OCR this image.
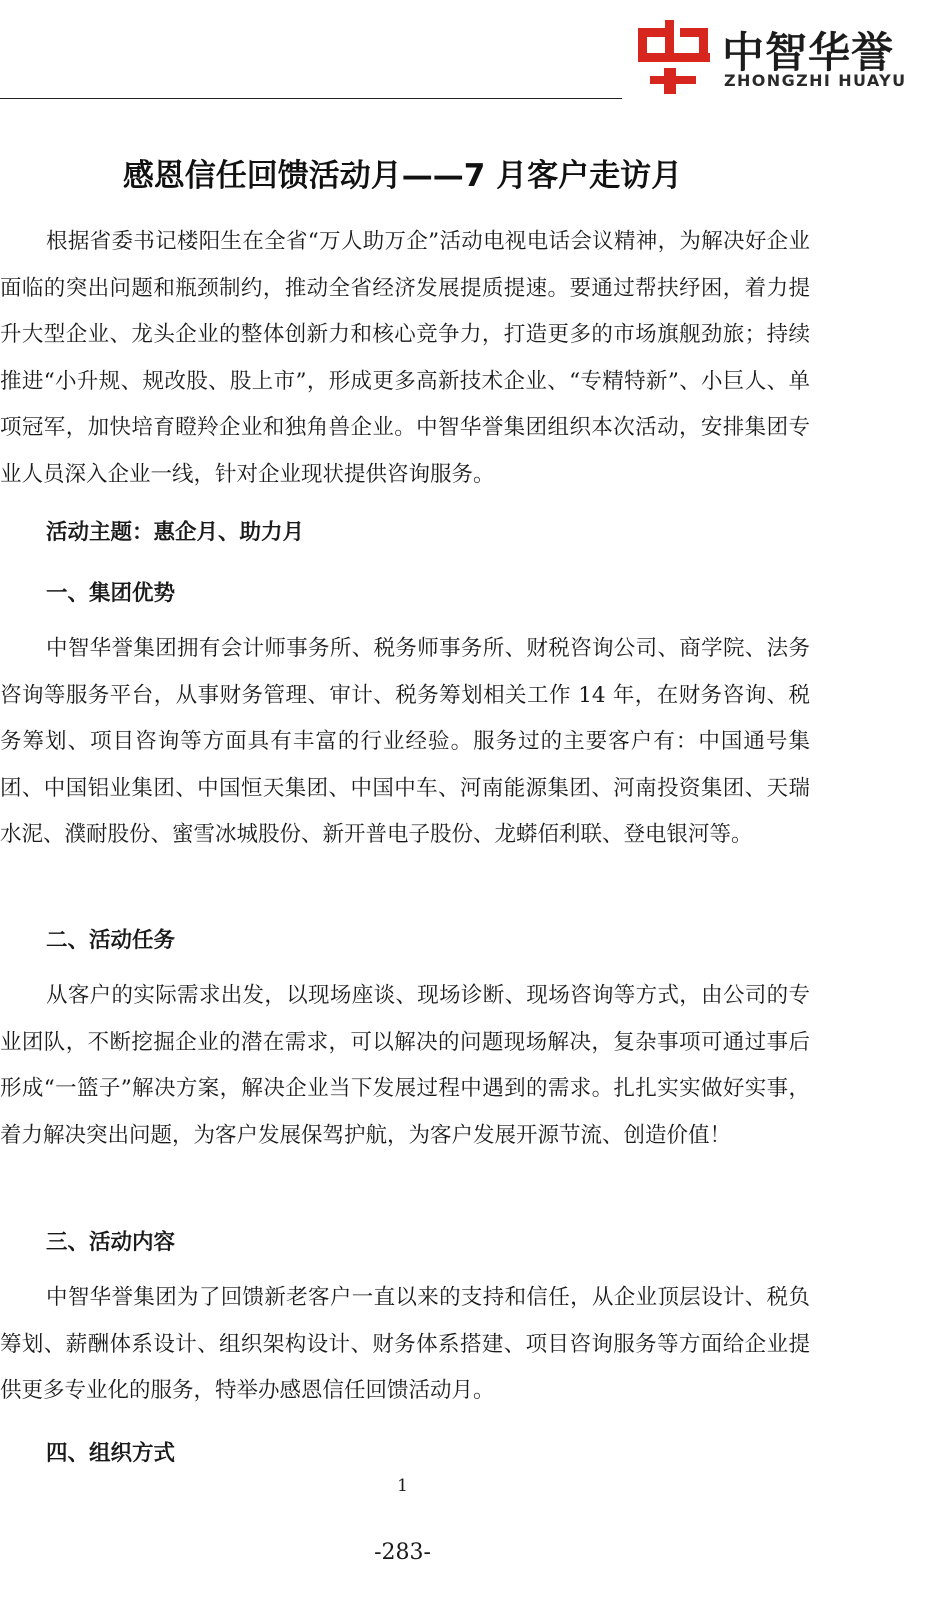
中智华誉
ZHONGZHI HUAYU
感恩信任回馈活动月——7 月客户走访月

根据省委书记楼阳生在全省“万人助万企”活动电视电话会议精神，为解决好企业面临的突出问题和瓶颈制约，推动全省经济发展提质提速。要通过帮扶纾困，着力提升大型企业、龙头企业的整体创新力和核心竞争力，打造更多的市场旗舰劲旅；持续推进“小升规、规改股、股上市”，形成更多高新技术企业、“专精特新”、小巨人、单项冠军，加快培育瞪羚企业和独角兽企业。中智华誉集团组织本次活动，安排集团专业人员深入企业一线，针对企业现状提供咨询服务。

活动主题：惠企月、助力月

一、集团优势

中智华誉集团拥有会计师事务所、税务师事务所、财税咨询公司、商学院、法务咨询等服务平台，从事财务管理、审计、税务筹划相关工作 14 年，在财务咨询、税务筹划、项目咨询等方面具有丰富的行业经验。服务过的主要客户有：中国通号集团、中国铝业集团、中国恒天集团、中国中车、河南能源集团、河南投资集团、天瑞水泥、濮耐股份、蜜雪冰城股份、新开普电子股份、龙蟒佰利联、登电银河等。

二、活动任务

从客户的实际需求出发，以现场座谈、现场诊断、现场咨询等方式，由公司的专业团队，不断挖掘企业的潜在需求，可以解决的问题现场解决，复杂事项可通过事后形成“一篮子”解决方案，解决企业当下发展过程中遇到的需求。扎扎实实做好实事，着力解决突出问题，为客户发展保驾护航，为客户发展开源节流、创造价值！

三、活动内容

中智华誉集团为了回馈新老客户一直以来的支持和信任，从企业顶层设计、税负筹划、薪酬体系设计、组织架构设计、财务体系搭建、项目咨询服务等方面给企业提供更多专业化的服务，特举办感恩信任回馈活动月。

四、组织方式

1
-283-
